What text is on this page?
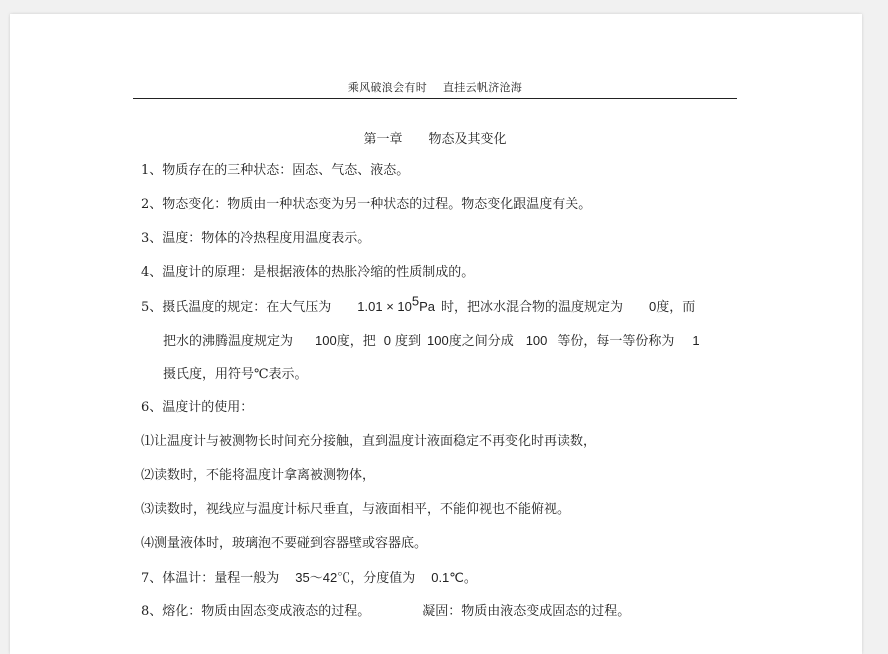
乘风破浪会有时 直挂云帆济沧海
第一章 物态及其变化
1、物质存在的三种状态：固态、气态、液态。
2、物态变化：物质由一种状态变为另一种状态的过程。物态变化跟温度有关。
3、温度：物体的冷热程度用温度表示。
4、温度计的原理：是根据液体的热胀冷缩的性质制成的。
5、摄氏温度的规定：在大气压为 $1.01 \times 10^5Pa$ 时，把冰水混合物的温度规定为 0度，而
把水的沸腾温度规定为 100度，把 0 度到 100度之间分成 100 等份，每一等份称为 1
摄氏度，用符号℃表示。
6、温度计的使用：
⑴让温度计与被测物长时间充分接触，直到温度计液面稳定不再变化时再读数，
⑵读数时，不能将温度计拿离被测物体，
⑶读数时，视线应与温度计标尺垂直，与液面相平，不能仰视也不能俯视。
⑷测量液体时，玻璃泡不要碰到容器壁或容器底。
7、体温计：量程一般为 35～42℃，分度值为 0.1℃。
8、熔化：物质由固态变成液态的过程。	凝固：物质由液态变成固态的过程。
